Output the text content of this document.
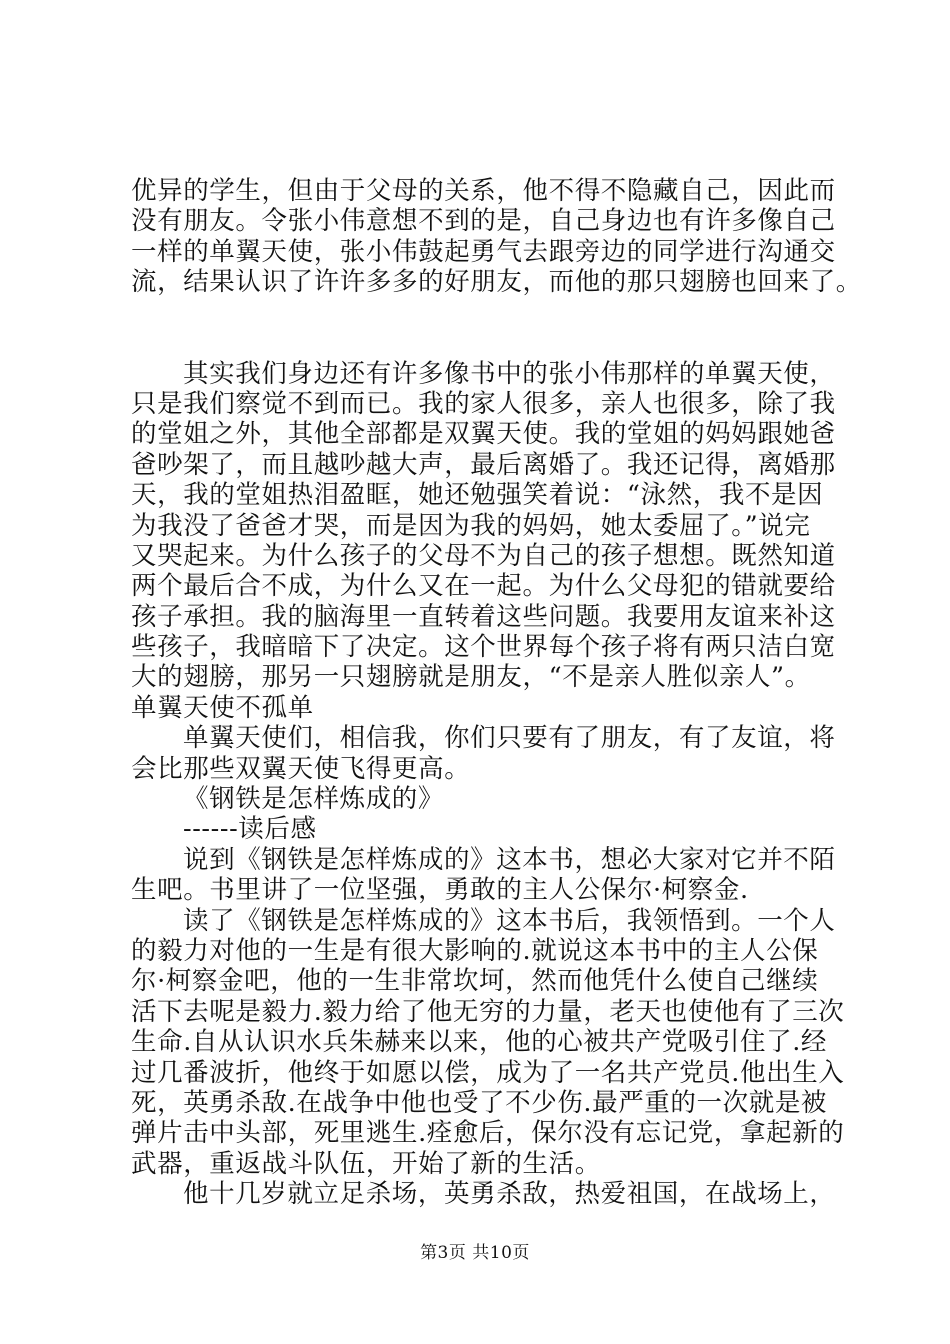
优异的学生，但由于父母的关系，他不得不隐藏自己，因此而
没有朋友。令张小伟意想不到的是，自己身边也有许多像自己
一样的单翼天使，张小伟鼓起勇气去跟旁边的同学进行沟通交
流，结果认识了许许多多的好朋友，而他的那只翅膀也回来了。
其实我们身边还有许多像书中的张小伟那样的单翼天使，
只是我们察觉不到而已。我的家人很多，亲人也很多，除了我
的堂姐之外，其他全部都是双翼天使。我的堂姐的妈妈跟她爸
爸吵架了，而且越吵越大声，最后离婚了。我还记得，离婚那
天，我的堂姐热泪盈眶，她还勉强笑着说：“泳然，我不是因
为我没了爸爸才哭，而是因为我的妈妈，她太委屈了。”说完
又哭起来。为什么孩子的父母不为自己的孩子想想。既然知道
两个最后合不成，为什么又在一起。为什么父母犯的错就要给
孩子承担。我的脑海里一直转着这些问题。我要用友谊来补这
些孩子，我暗暗下了决定。这个世界每个孩子将有两只洁白宽
大的翅膀，那另一只翅膀就是朋友，“不是亲人胜似亲人”。
单翼天使不孤单
单翼天使们，相信我，你们只要有了朋友，有了友谊，将
会比那些双翼天使飞得更高。
《钢铁是怎样炼成的》
------读后感
说到《钢铁是怎样炼成的》这本书，想必大家对它并不陌
生吧。书里讲了一位坚强，勇敢的主人公保尔·柯察金.
读了《钢铁是怎样炼成的》这本书后，我领悟到。一个人
的毅力对他的一生是有很大影响的.就说这本书中的主人公保
尔·柯察金吧，他的一生非常坎坷，然而他凭什么使自己继续
活下去呢是毅力.毅力给了他无穷的力量，老天也使他有了三次
生命.自从认识水兵朱赫来以来，他的心被共产党吸引住了.经
过几番波折，他终于如愿以偿，成为了一名共产党员.他出生入
死，英勇杀敌.在战争中他也受了不少伤.最严重的一次就是被
弹片击中头部，死里逃生.痊愈后，保尔没有忘记党，拿起新的
武器，重返战斗队伍，开始了新的生活。
他十几岁就立足杀场，英勇杀敌，热爱祖国，在战场上，
第3页 共10页
